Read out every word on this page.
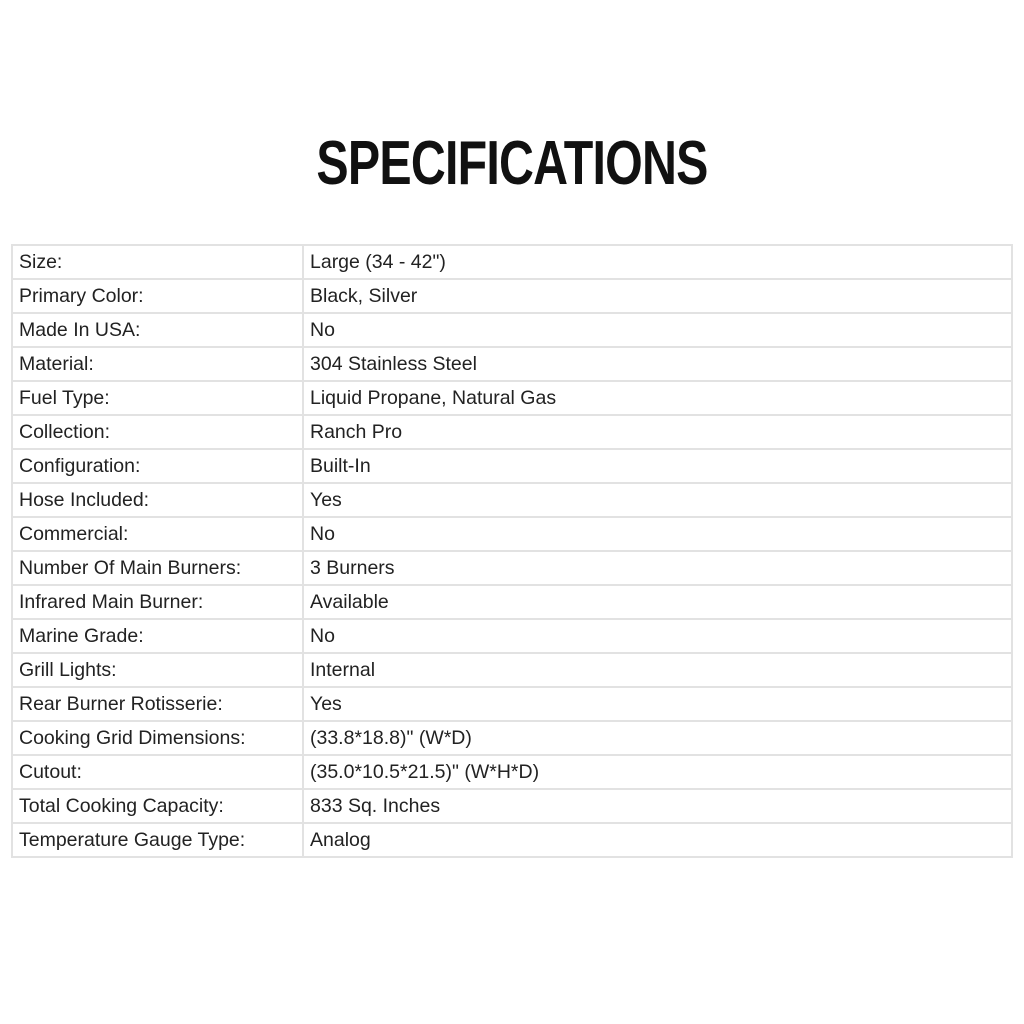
SPECIFICATIONS
Size:	Large (34 - 42")
Primary Color:	Black, Silver
Made In USA:	No
Material:	304 Stainless Steel
Fuel Type:	Liquid Propane, Natural Gas
Collection:	Ranch Pro
Configuration:	Built-In
Hose Included:	Yes
Commercial:	No
Number Of Main Burners:	3 Burners
Infrared Main Burner:	Available
Marine Grade:	No
Grill Lights:	Internal
Rear Burner Rotisserie:	Yes
Cooking Grid Dimensions:	(33.8*18.8)" (W*D)
Cutout:	(35.0*10.5*21.5)" (W*H*D)
Total Cooking Capacity:	833 Sq. Inches
Temperature Gauge Type:	Analog
